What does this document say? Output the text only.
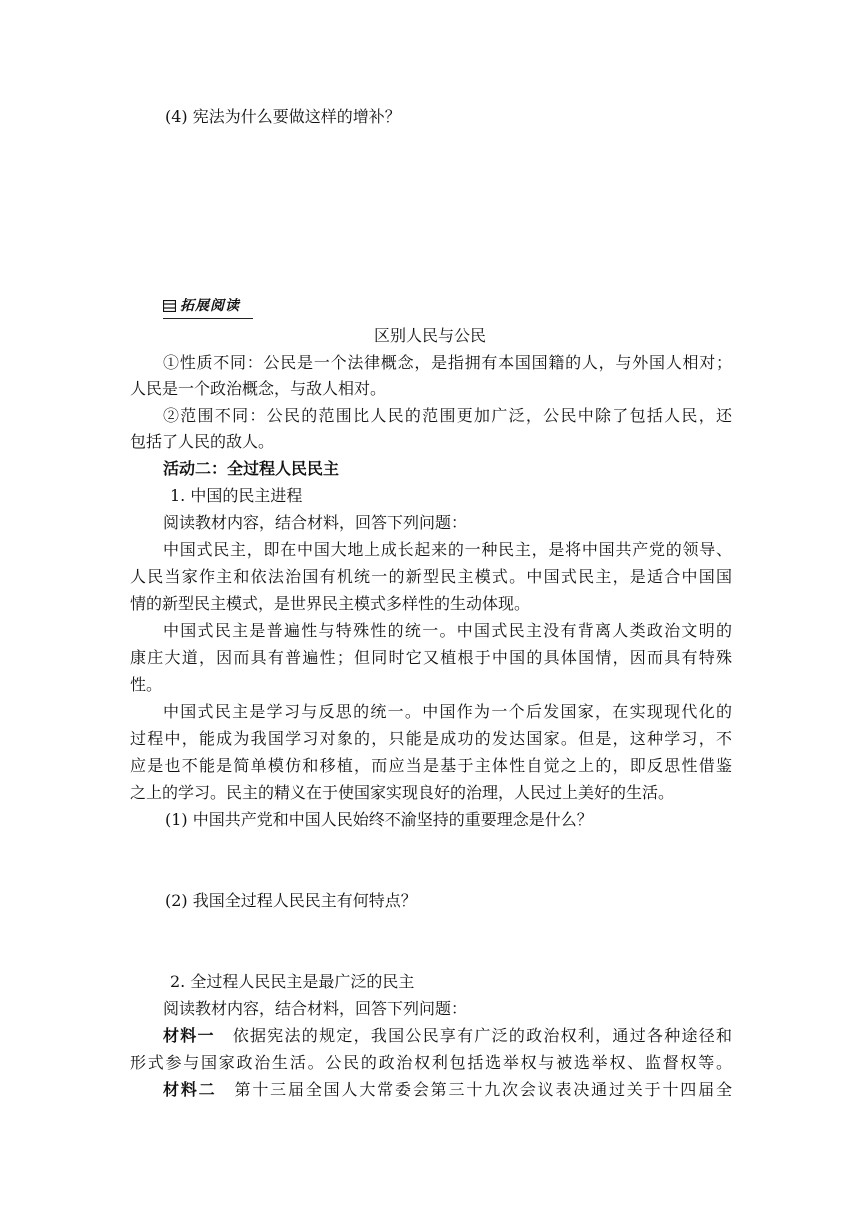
(4) 宪法为什么要做这样的增补？
拓展阅读
区别人民与公民
①性质不同：公民是一个法律概念，是指拥有本国国籍的人，与外国人相对；
人民是一个政治概念，与敌人相对。
②范围不同：公民的范围比人民的范围更加广泛，公民中除了包括人民，还
包括了人民的敌人。
活动二：全过程人民民主
1. 中国的民主进程
阅读教材内容，结合材料，回答下列问题：
中国式民主，即在中国大地上成长起来的一种民主，是将中国共产党的领导、
人民当家作主和依法治国有机统一的新型民主模式。中国式民主，是适合中国国
情的新型民主模式，是世界民主模式多样性的生动体现。
中国式民主是普遍性与特殊性的统一。中国式民主没有背离人类政治文明的
康庄大道，因而具有普遍性；但同时它又植根于中国的具体国情，因而具有特殊
性。
中国式民主是学习与反思的统一。中国作为一个后发国家，在实现现代化的
过程中，能成为我国学习对象的，只能是成功的发达国家。但是，这种学习，不
应是也不能是简单模仿和移植，而应当是基于主体性自觉之上的，即反思性借鉴
之上的学习。民主的精义在于使国家实现良好的治理，人民过上美好的生活。
(1) 中国共产党和中国人民始终不渝坚持的重要理念是什么？
(2) 我国全过程人民民主有何特点？
2. 全过程人民民主是最广泛的民主
阅读教材内容，结合材料，回答下列问题：
材料一 依据宪法的规定，我国公民享有广泛的政治权利，通过各种途径和
形式参与国家政治生活。公民的政治权利包括选举权与被选举权、监督权等。
材料二 第十三届全国人大常委会第三十九次会议表决通过关于十四届全
